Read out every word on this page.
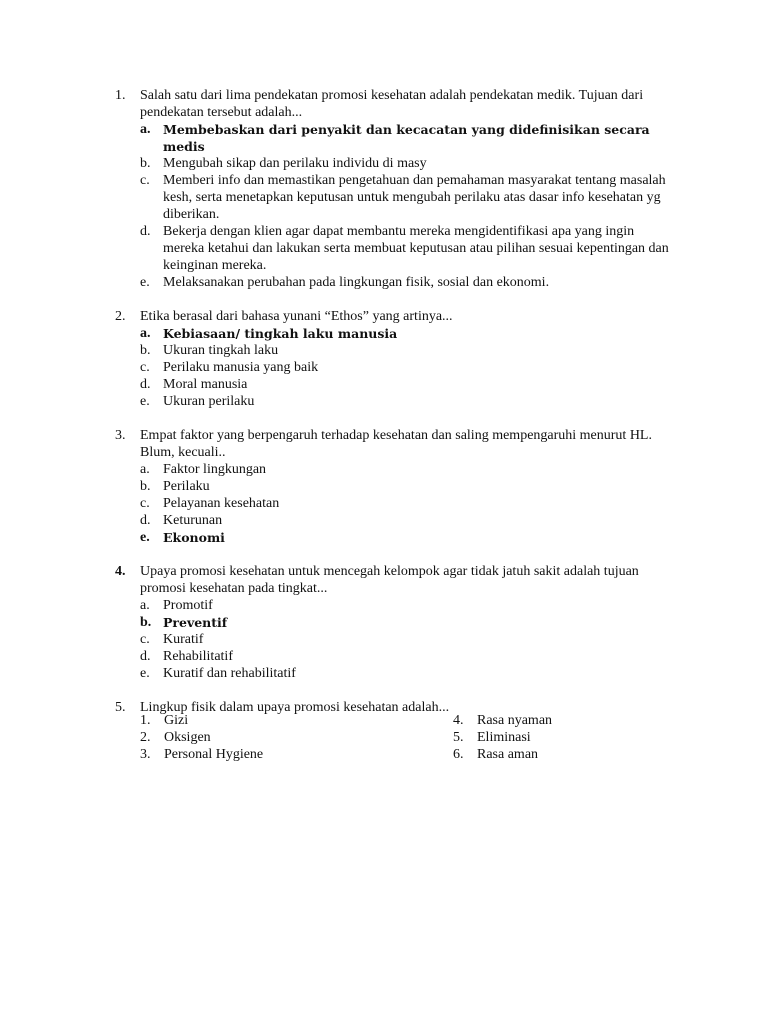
1.	Salah satu dari lima pendekatan promosi kesehatan adalah pendekatan medik. Tujuan dari pendekatan tersebut adalah...
a. Membebaskan dari penyakit dan kecacatan yang didefinisikan secara medis
b. Mengubah sikap dan perilaku individu di masy
c. Memberi info dan memastikan pengetahuan dan pemahaman masyarakat tentang masalah kesh, serta menetapkan keputusan untuk mengubah perilaku atas dasar info kesehatan yg diberikan.
d. Bekerja dengan klien agar dapat membantu mereka mengidentifikasi apa yang ingin mereka ketahui dan lakukan serta membuat keputusan atau pilihan sesuai kepentingan dan keinginan mereka.
e. Melaksanakan perubahan pada lingkungan fisik, sosial dan ekonomi.
2.	Etika berasal dari bahasa yunani “Ethos” yang artinya...
a. Kebiasaan/ tingkah laku manusia
b. Ukuran tingkah laku
c. Perilaku manusia yang baik
d. Moral manusia
e. Ukuran perilaku
3.	Empat faktor yang berpengaruh terhadap kesehatan dan saling mempengaruhi menurut HL. Blum, kecuali..
a. Faktor lingkungan
b. Perilaku
c. Pelayanan kesehatan
d. Keturunan
e. Ekonomi
4.	Upaya promosi kesehatan untuk mencegah kelompok agar tidak jatuh sakit adalah tujuan promosi kesehatan pada tingkat...
a. Promotif
b. Preventif
c. Kuratif
d. Rehabilitatif
e. Kuratif dan rehabilitatif
5.	Lingkup fisik dalam upaya promosi kesehatan adalah...
1. Gizi
2. Oksigen
3. Personal Hygiene
4. Rasa nyaman
5. Eliminasi
6. Rasa aman
